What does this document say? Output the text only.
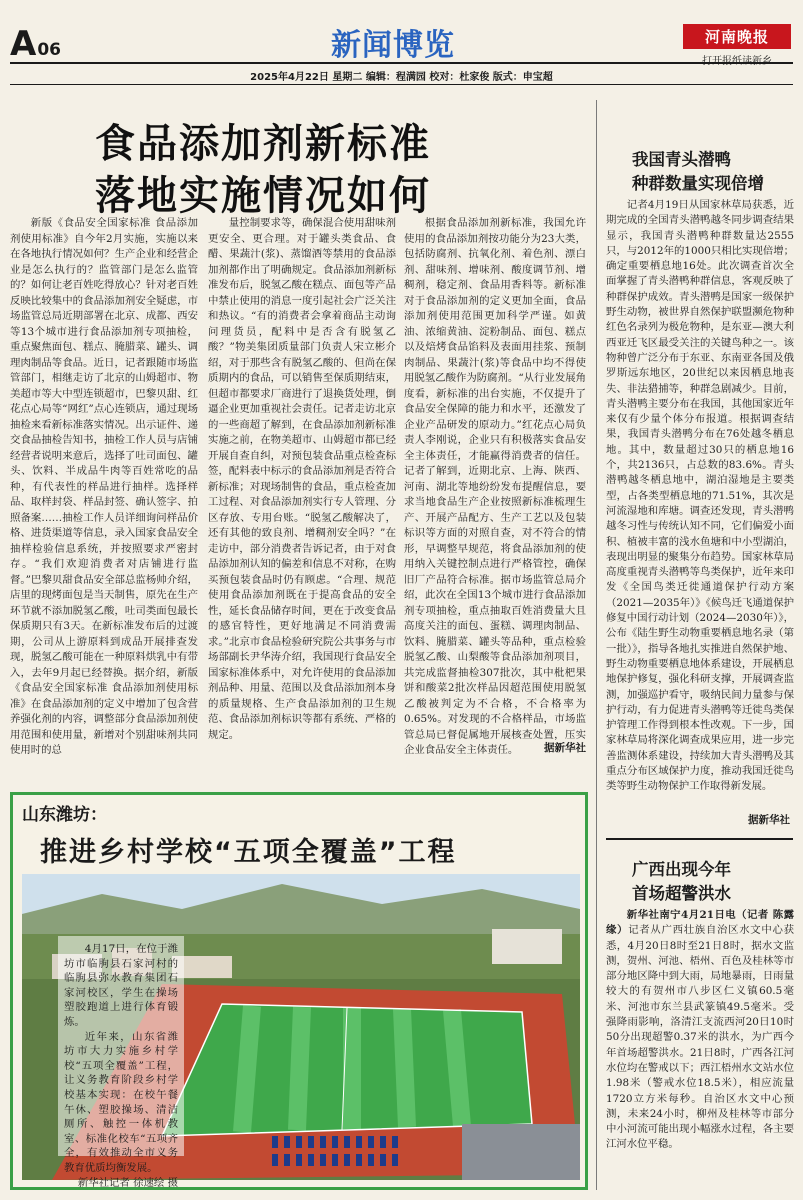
A 06	新闻博览	河南晚报
打开报纸读新乡
2025年4月22日 星期二 编辑：程满园 校对：杜家俊 版式：申宝超
食品添加剂新标准
落地实施情况如何

新版《食品安全国家标准 食品添加剂使用标准》自今年2月实施，实施以来在各地执行情况如何？生产企业和经营企业是怎么执行的？监管部门是怎么监管的？如何让老百姓吃得放心？针对老百姓反映比较集中的食品添加剂安全疑虑，市场监管总局近期部署在北京、成都、西安等13个城市进行食品添加剂专项抽检，重点聚焦面包、糕点、腌腊菜、罐头、调理肉制品等食品。近日，记者跟随市场监管部门，相继走访了北京的山姆超市、物美超市等大中型连锁超市，巴黎贝甜、红花点心局等“网红”点心连锁店，通过现场抽检来看新标准落实情况。出示证件、递交食品抽检告知书，抽检工作人员与店铺经营者说明来意后，选择了吐司面包、罐头、饮料、半成品牛肉等百姓常吃的品种，有代表性的样品进行抽样。选择样品、取样封袋、样品封签、确认签字、拍照备案……抽检工作人员详细询问样品价格、进货渠道等信息，录入国家食品安全抽样检验信息系统，并按照要求严密封存。“我们欢迎消费者对店铺进行监督。”巴黎贝甜食品安全部总监杨帅介绍，店里的现烤面包是当天制售，原先在生产环节就不添加脱氢乙酸，吐司类面包最长保质期只有3天。在新标准发布后的过渡期，公司从上游原料到成品开展排查发现，脱氢乙酸可能在一种原料烘乳中有带入，去年9月起已经替换。据介绍，新版《食品安全国家标准 食品添加剂使用标准》在食品添加剂的定义中增加了包含营养强化剂的内容，调整部分食品添加剂使用范围和使用量，新增对个别甜味剂共同使用时的总

量控制要求等，确保混合使用甜味剂更安全、更合理。对于罐头类食品、食醋、果蔬汁(浆)、蒸馏酒等禁用的食品添加剂都作出了明确规定。食品添加剂新标准发布后，脱氢乙酸在糕点、面包等产品中禁止使用的消息一度引起社会广泛关注和热议。“有的消费者会拿着商品主动询问理货员，配料中是否含有脱氢乙酸？”物美集团质量部门负责人宋立彬介绍，对于那些含有脱氢乙酸的、但尚在保质期内的食品，可以销售至保质期结束，但超市都要求厂商进行了退换货处理，倒逼企业更加重视社会责任。记者走访北京的一些商超了解到，在食品添加剂新标准实施之前，在物美超市、山姆超市都已经开展自查自纠，对预包装食品重点检查标签，配料表中标示的食品添加剂是否符合新标准；对现场制售的食品，重点检查加工过程、对食品添加剂实行专人管理、分区存放、专用台账。“脱氢乙酸解决了，还有其他的致良剂、增稠剂安全吗？”在走访中，部分消费者告诉记者，由于对食品添加剂认知的偏差和信息不对称，在购买预包装食品时仍有顾虑。“合理、规范使用食品添加剂既在于提高食品的安全性，延长食品储存时间，更在于改变食品的感官特性，更好地满足不同消费需求。”北京市食品检验研究院公共事务与市场部副长尹华涛介绍，我国现行食品安全国家标准体系中，对允许使用的食品添加剂品种、用量、范围以及食品添加剂本身的质量规格、生产食品添加剂的卫生规范、食品添加剂标识等都有系统、严格的规定。

根据食品添加剂新标准，我国允许使用的食品添加剂按功能分为23大类，包括防腐剂、抗氧化剂、着色剂、漂白剂、甜味剂、增味剂、酸度调节剂、增稠剂，稳定剂、食品用香料等。新标准对于食品添加剂的定义更加全面，食品添加剂使用范围更加科学严谨。如黄油、浓缩黄油、淀粉制品、面包、糕点以及焙烤食品馅料及表面用挂浆、预制肉制品、果蔬汁(浆)等食品中均不得使用脱氢乙酸作为防腐剂。“从行业发展角度看，新标准的出台实施，不仅提升了食品安全保障的能力和水平，还激发了企业产品研发的原动力。”红花点心局负责人李刚说，企业只有积极落实食品安全主体责任，才能赢得消费者的信任。记者了解到，近期北京、上海、陕西、河南、湖北等地纷纷发布提醒信息，要求当地食品生产企业按照新标准梳理生产、开展产品配方、生产工艺以及包装标识等方面的对照自查，对不符合的情形，早调整早规范，将食品添加剂的使用纳入关键控制点进行严格管控，确保旧厂产品符合标准。据市场监管总局介绍，此次在全国13个城市进行食品添加剂专项抽检，重点抽取百姓消费量大且高度关注的面包、蛋糕、调理肉制品、饮料、腌腊菜、罐头等品种，重点检验脱氢乙酸、山梨酸等食品添加剂项目，共完成监督抽检307批次，其中枇杷果饼和酸菜2批次样品因超范围使用脱氢乙酸被判定为不合格，不合格率为0.65%。对发现的不合格样品，市场监管总局已督促属地开展核查处置，压实企业食品安全主体责任。	据新华社
我国青头潜鸭
种群数量实现倍增

记者4月19日从国家林草局获悉，近期完成的全国青头潜鸭越冬同步调查结果显示，我国青头潜鸭种群数量达2555只，与2012年的1000只相比实现倍增；确定重要栖息地16处。此次调查首次全面掌握了青头潜鸭种群信息，客观反映了种群保护成效。青头潜鸭是国家一级保护野生动物，被世界自然保护联盟濒危物种红色名录列为极危物种，是东亚—澳大利西亚迁飞区最受关注的关键鸟种之一。该物种曾广泛分布于东亚、东南亚各国及俄罗斯远东地区，20世纪以来因栖息地丧失、非法猎捕等，种群急剧减少。目前，青头潜鸭主要分布在我国，其他国家近年来仅有少量个体分布报道。根据调查结果，我国青头潜鸭分布在76处越冬栖息地。其中，数量超过30只的栖息地16个，共2136只，占总数的83.6%。青头潜鸭越冬栖息地中，湖泊湿地是主要类型，占各类型栖息地的71.51%，其次是河流湿地和库塘。调查还发现，青头潜鸭越冬习性与传统认知不同，它们偏爱小面积、植被丰富的浅水鱼塘和中小型湖泊，表现出明显的聚集分布趋势。国家林草局高度重视青头潜鸭等鸟类保护，近年来印发《全国鸟类迁徙通道保护行动方案（2021—2035年）》《候鸟迁飞通道保护修复中国行动计划（2024—2030年）》，公布《陆生野生动物重要栖息地名录（第一批）》，指导各地扎实推进自然保护地、野生动物重要栖息地体系建设，开展栖息地保护修复，强化科研支撑，开展调查监测，加强巡护看守，吸纳民间力量参与保护行动，有力促进青头潜鸭等迁徙鸟类保护管理工作得到根本性改观。下一步，国家林草局将深化调查成果应用，进一步完善监测体系建设，持续加大青头潜鸭及其重点分布区域保护力度，推动我国迁徙鸟类等野生动物保护工作取得新发展。

据新华社
广西出现今年
首场超警洪水

新华社南宁4月21日电（记者 陈露缘）记者从广西壮族自治区水文中心获悉，4月20日8时至21日8时，据水文监测，贺州、河池、梧州、百色及桂林等市部分地区降中到大雨，局地暴雨，日雨量较大的有贺州市八步区仁义镇60.5毫米、河池市东兰县武篆镇49.5毫米。受强降雨影响，洛清江支流西河20日10时50分出现超警0.37米的洪水，为广西今年首场超警洪水。21日8时，广西各江河水位均在警戒以下；西江梧州水文站水位1.98米（警戒水位18.5米），相应流量1720立方米每秒。自治区水文中心预测，未来24小时，柳州及桂林等市部分中小河流可能出现小幅涨水过程，各主要江河水位平稳。

山东潍坊：
推进乡村学校“五项全覆盖”工程

4月17日，在位于潍坊市临朐县石家河村的临朐县弥水教育集团石家河校区，学生在操场塑胶跑道上进行体育锻炼。

近年来，山东省潍坊市大力实施乡村学校“五项全覆盖”工程，让义务教育阶段乡村学校基本实现：在校午餐午休、塑胶操场、清洁厕所、触控一体机教室、标准化校车“五项齐全，有效推动全市义务教育优质均衡发展。

新华社记者 徐速绘 摄
